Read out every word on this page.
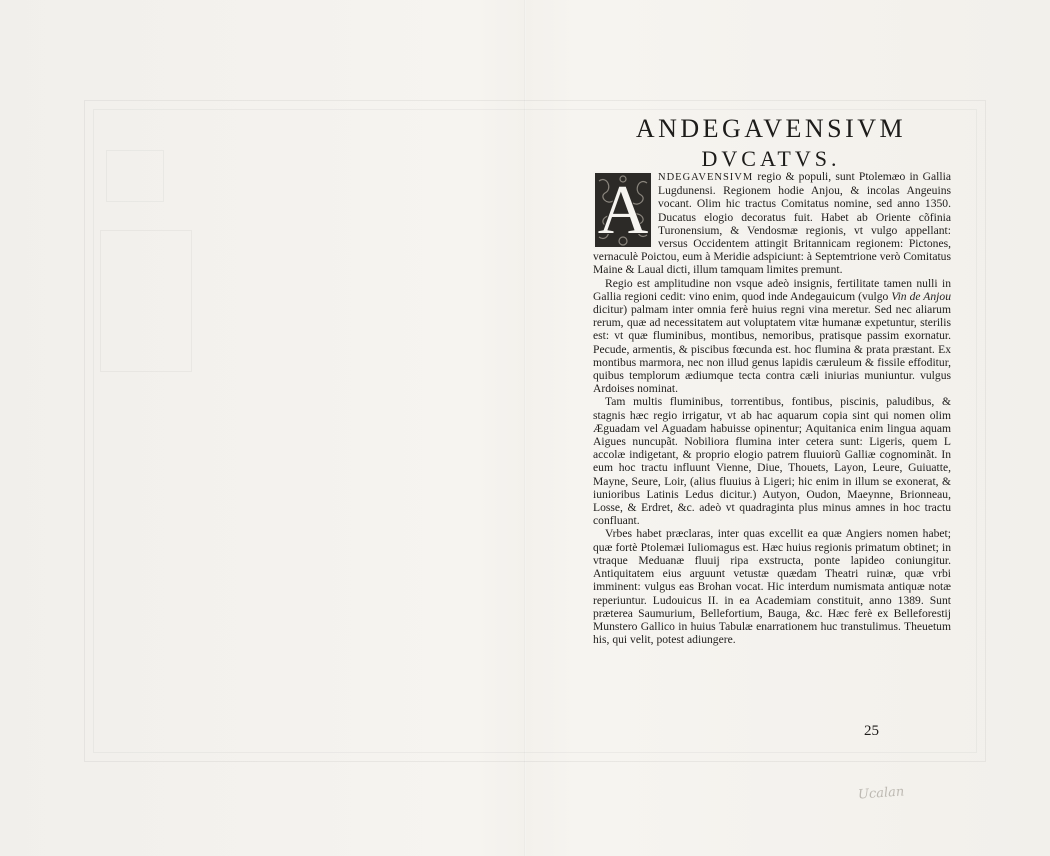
ANDEGAVENSIVM
DVCATVS.
A NDEGAVENSIVM regio & populi, sunt Ptolemæo in Gallia Lugdunensi. Regionem hodie Anjou, & incolas Angeuins vocant. Olim hic tractus Comitatus nomine, sed anno 1350. Ducatus elogio decoratus fuit. Habet ab Oriente cõfinia Turonensium, & Vendosmæ regionis, vt vulgo appellant: versus Occidentem attingit Britannicam regionem: Pictones, vernaculè Poictou, eum à Meridie adspiciunt: à Septemtrione verò Comitatus Maine & Laual dicti, illum tamquam limites premunt.

Regio est amplitudine non vsque adeò insignis, fertilitate tamen nulli in Gallia regioni cedit: vino enim, quod inde Andegauicum (vulgo Vin de Anjou dicitur) palmam inter omnia ferè huius regni vina meretur. Sed nec aliarum rerum, quæ ad necessitatem aut voluptatem vitæ humanæ expetuntur, sterilis est: vt quæ fluminibus, montibus, nemoribus, pratisque passim exornatur. Pecude, armentis, & piscibus fœcunda est. hoc flumina & prata præstant. Ex montibus marmora, nec non illud genus lapidis cæruleum & fissile effoditur, quibus templorum ædiumque tecta contra cæli iniurias muniuntur. vulgus Ardoises nominat.

Tam multis fluminibus, torrentibus, fontibus, piscinis, paludibus, & stagnis hæc regio irrigatur, vt ab hac aquarum copia sint qui nomen olim Æguadam vel Aguadam habuisse opinentur; Aquitanica enim lingua aquam Aigues nuncupãt. Nobiliora flumina inter cetera sunt: Ligeris, quem L accolæ indigetant, & proprio elogio patrem fluuiorũ Galliæ cognominãt. In eum hoc tractu influunt Vienne, Diue, Thouets, Layon, Leure, Guiuatte, Mayne, Seure, Loir, (alius fluuius à Ligeri; hic enim in illum se exonerat, & iunioribus Latinis Ledus dicitur.) Autyon, Oudon, Maeynne, Brionneau, Losse, & Erdret, &c. adeò vt quadraginta plus minus amnes in hoc tractu confluant.

Vrbes habet præclaras, inter quas excellit ea quæ Angiers nomen habet; quæ fortè Ptolemæi Iuliomagus est. Hæc huius regionis primatum obtinet; in vtraque Meduanæ fluuij ripa exstructa, ponte lapideo coniungitur. Antiquitatem eius arguunt vetustæ quædam Theatri ruinæ, quæ vrbi imminent: vulgus eas Brohan vocat. Hic interdum numismata antiquæ notæ reperiuntur. Ludouicus II. in ea Academiam constituit, anno 1389. Sunt præterea Saumurium, Bellefortium, Bauga, &c. Hæc ferè ex Belleforestij Munstero Gallico in huius Tabulæ enarrationem huc transtulimus. Theuetum his, qui velit, potest adiungere.

25
Ucalan
